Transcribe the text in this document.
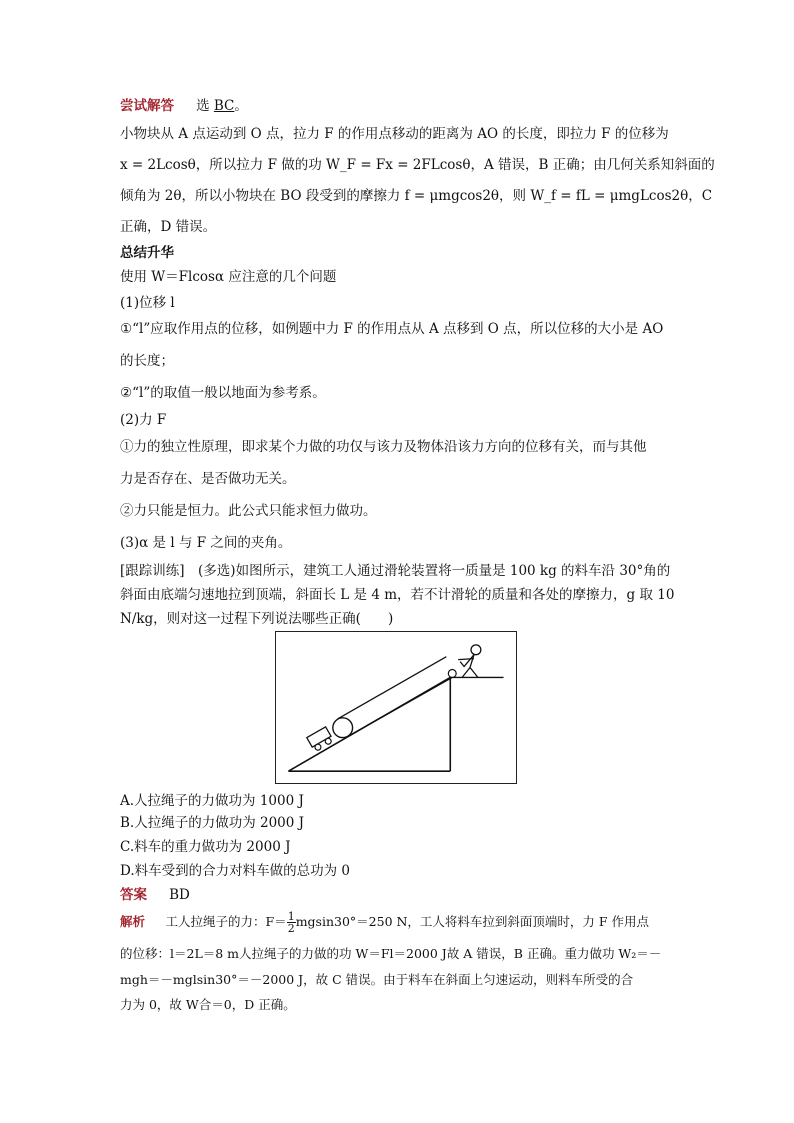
尝试解答 　 选 BC。
小物块从 A 点运动到 O 点，拉力 F 的作用点移动的距离为 AO 的长度，即拉力 F 的位移为
x = 2Lcosθ，所以拉力 F 做的功 W_F = Fx = 2FLcosθ，A 错误，B 正确；由几何关系知斜面的
倾角为 2θ，所以小物块在 BO 段受到的摩擦力 f = μmgcos2θ，则 W_f = fL = μmgLcos2θ，C
正确，D 错误。
总结升华
使用 W＝Flcosα 应注意的几个问题
(1)位移 l
①“l”应取作用点的位移，如例题中力 F 的作用点从 A 点移到 O 点，所以位移的大小是 AO
的长度；
②“l”的取值一般以地面为参考系。
(2)力 F
①力的独立性原理，即求某个力做的功仅与该力及物体沿该力方向的位移有关，而与其他
力是否存在、是否做功无关。
②力只能是恒力。此公式只能求恒力做功。
(3)α 是 l 与 F 之间的夹角。
[跟踪训练]　(多选)如图所示，建筑工人通过滑轮装置将一质量是 100 kg 的料车沿 30°角的
斜面由底端匀速地拉到顶端，斜面长 L 是 4 m，若不计滑轮的质量和各处的摩擦力，g 取 10
N/kg，则对这一过程下列说法哪些正确(　　)
A.人拉绳子的力做功为 1000 J
B.人拉绳子的力做功为 2000 J
C.料车的重力做功为 2000 J
D.料车受到的合力对料车做的总功为 0
答案 　 BD
解析 　 工人拉绳子的力：$F= \frac{1}{2} mgsin30^\circ=250$ N，工人将料车拉到斜面顶端时，力 F 作用点
的位移：l＝2L＝8 m人拉绳子的力做的功 W＝Fl＝2000 J故 A 错误，B 正确。重力做功 W₂＝－
mgh＝－mglsin30°＝－2000 J，故 C 错误。由于料车在斜面上匀速运动，则料车所受的合
力为 0，故 W合＝0，D 正确。
